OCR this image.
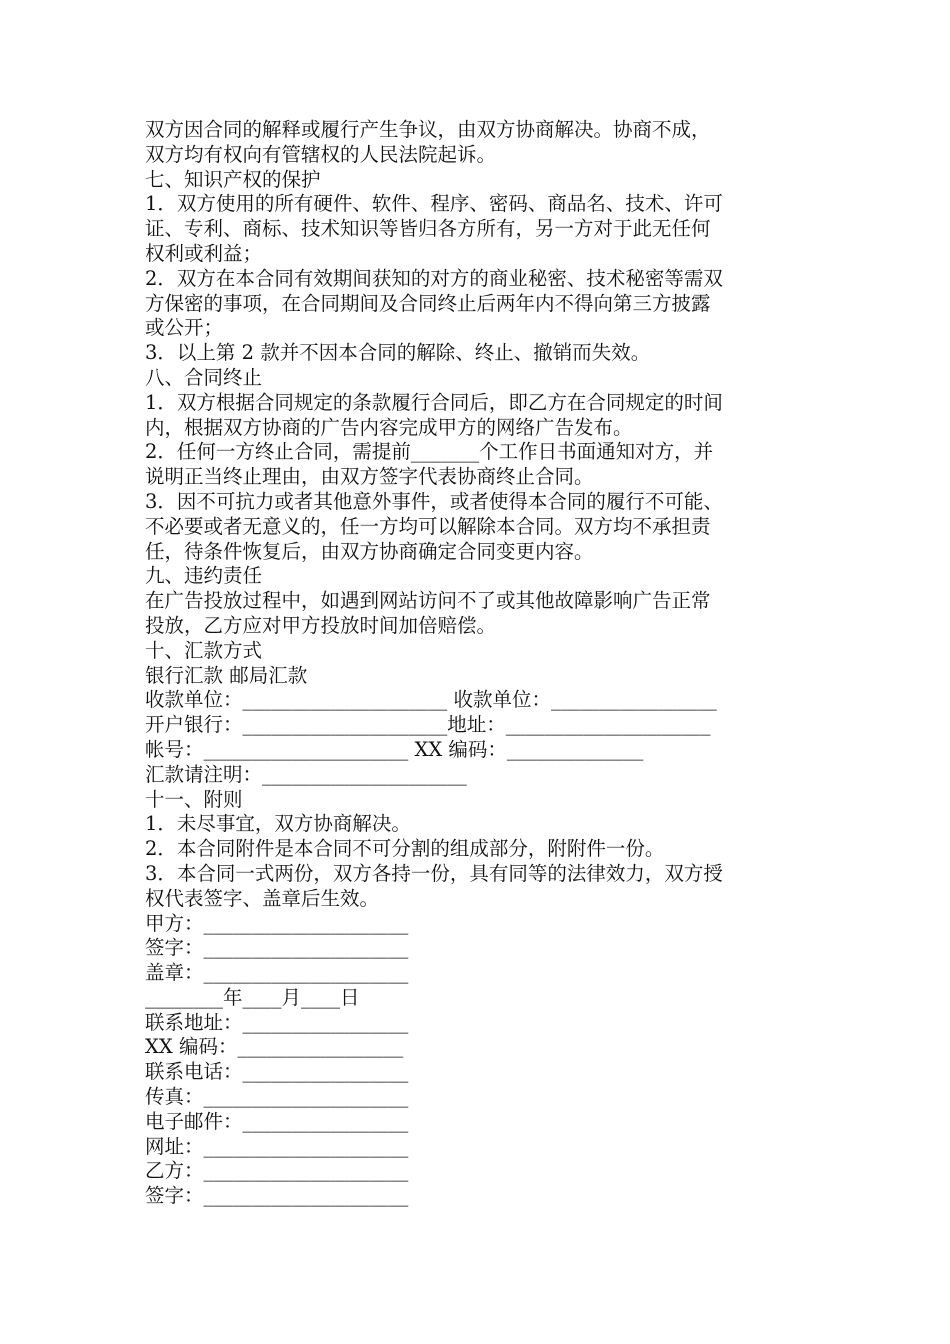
双方因合同的解释或履行产生争议，由双方协商解决。协商不成，
双方均有权向有管辖权的人民法院起诉。
七、知识产权的保护
1．双方使用的所有硬件、软件、程序、密码、商品名、技术、许可
证、专利、商标、技术知识等皆归各方所有，另一方对于此无任何
权利或利益；
2．双方在本合同有效期间获知的对方的商业秘密、技术秘密等需双
方保密的事项，在合同期间及合同终止后两年内不得向第三方披露
或公开；
3．以上第 2 款并不因本合同的解除、终止、撤销而失效。
八、合同终止
1．双方根据合同规定的条款履行合同后，即乙方在合同规定的时间
内，根据双方协商的广告内容完成甲方的网络广告发布。
2．任何一方终止合同，需提前_______个工作日书面通知对方，并
说明正当终止理由，由双方签字代表协商终止合同。
3．因不可抗力或者其他意外事件，或者使得本合同的履行不可能、
不必要或者无意义的，任一方均可以解除本合同。双方均不承担责
任，待条件恢复后，由双方协商确定合同变更内容。
九、违约责任
在广告投放过程中，如遇到网站访问不了或其他故障影响广告正常
投放，乙方应对甲方投放时间加倍赔偿。
十、汇款方式
银行汇款 邮局汇款
收款单位：_____________________ 收款单位：_________________
开户银行：_____________________地址：_____________________
帐号：_____________________ XX 编码：______________
汇款请注明：_____________________
十一、附则
1．未尽事宜，双方协商解决。
2．本合同附件是本合同不可分割的组成部分，附附件一份。
3．本合同一式两份，双方各持一份，具有同等的法律效力，双方授
权代表签字、盖章后生效。
甲方：_____________________
签字：_____________________
盖章：_____________________
________年____月____日
联系地址：_________________
XX 编码：_________________
联系电话：_________________
传真：_____________________
电子邮件：_________________
网址：_____________________
乙方：_____________________
签字：_____________________
